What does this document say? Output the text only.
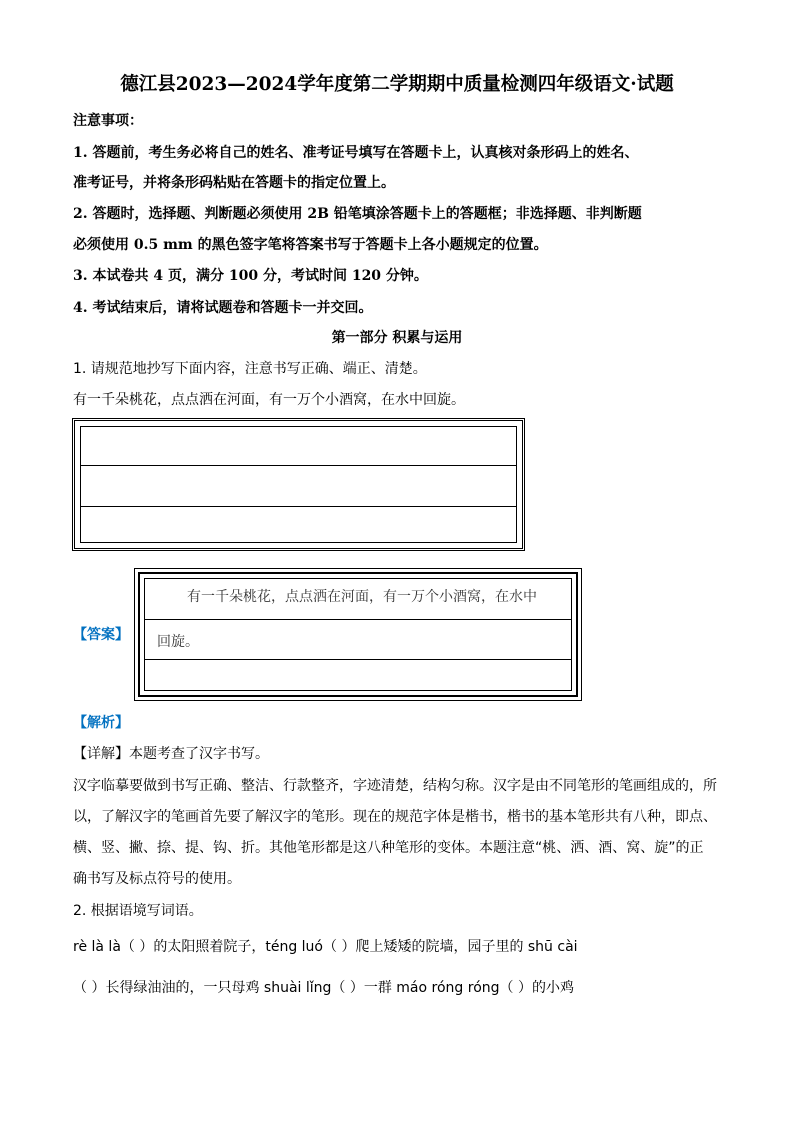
德江县2023—2024学年度第二学期期中质量检测四年级语文·试题
注意事项：
1. 答题前，考生务必将自己的姓名、准考证号填写在答题卡上，认真核对条形码上的姓名、
准考证号，并将条形码粘贴在答题卡的指定位置上。
2. 答题时，选择题、判断题必须使用 2B 铅笔填涂答题卡上的答题框；非选择题、非判断题
必须使用 0.5 mm 的黑色签字笔将答案书写于答题卡上各小题规定的位置。
3. 本试卷共 4 页，满分 100 分，考试时间 120 分钟。
4. 考试结束后，请将试题卷和答题卡一并交回。
第一部分 积累与运用
1. 请规范地抄写下面内容，注意书写正确、端正、清楚。
有一千朵桃花，点点洒在河面，有一万个小酒窝，在水中回旋。
【答案】
有一千朵桃花，点点洒在河面，有一万个小酒窝，在水中
回旋。
【解析】
【详解】本题考查了汉字书写。
汉字临摹要做到书写正确、整洁、行款整齐，字迹清楚，结构匀称。汉字是由不同笔形的笔画组成的，所
以，了解汉字的笔画首先要了解汉字的笔形。现在的规范字体是楷书，楷书的基本笔形共有八种，即点、
横、竖、撇、捺、提、钩、折。其他笔形都是这八种笔形的变体。本题注意“桃、洒、酒、窝、旋”的正
确书写及标点符号的使用。
2. 根据语境写词语。
rè là là（ ）的太阳照着院子，téng luó（ ）爬上矮矮的院墙，园子里的 shū cài
（ ）长得绿油油的，一只母鸡 shuài lǐng（ ）一群 máo róng róng（ ）的小鸡
